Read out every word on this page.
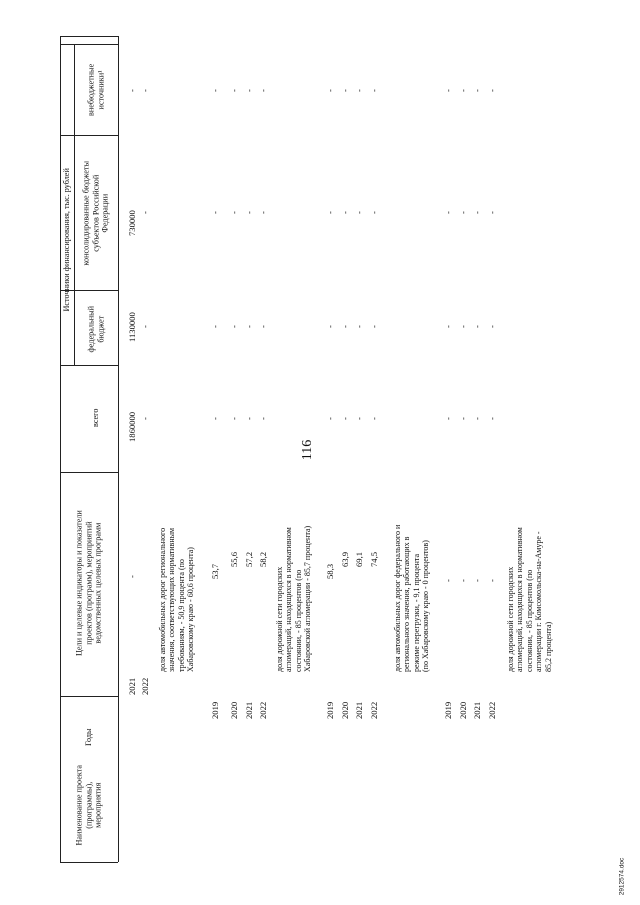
116
2912574.doc
Наименование проекта
(программы),
мероприятия
Годы
Цели и целевые индикаторы и показатели
проектов (программ), мероприятий
ведомственных целевых программ
Источники финансирования, тыс. рублей
всего
федеральный
бюджет
консолидированные бюджеты
субъектов Российской
Федерации
внебюджетные
источники¹
2021
-
1860000
1130000
730000
-
2022
-
-
-
-
доля автомобильных дорог регионального
значения, соответствующих нормативным
требованиям, - 50,9 процента (по
Хабаровскому краю - 60,6 процента)
2019
53,7
2020
55,6
2021
57,2
2022
58,2
доля дорожной сети городских
агломераций, находящихся в нормативном
состоянии, - 85 процентов (по
Хабаровской агломерации - 85,7 процента)
2019
58,3
2020
63,9
2021
69,1
2022
74,5
доля автомобильных дорог федерального и
регионального значения, работающих в
режиме перегрузки, - 9,1 процента
(по Хабаровскому краю - 0 процентов)
2019
-
2020
-
2021
-
2022
-
доля дорожной сети городских
агломераций, находящихся в нормативном
состоянии, - 85 процентов (по
агломерации г. Комсомольска-на-Амуре -
85,2 процента)
-
-
-
-
-
-
-
-
-
-
-
-
-
-
-
-
-
-
-
-
-
-
-
-
-
-
-
-
-
-
-
-
-
-
-
-
-
-
-
-
-
-
-
-
-
-
-
-
